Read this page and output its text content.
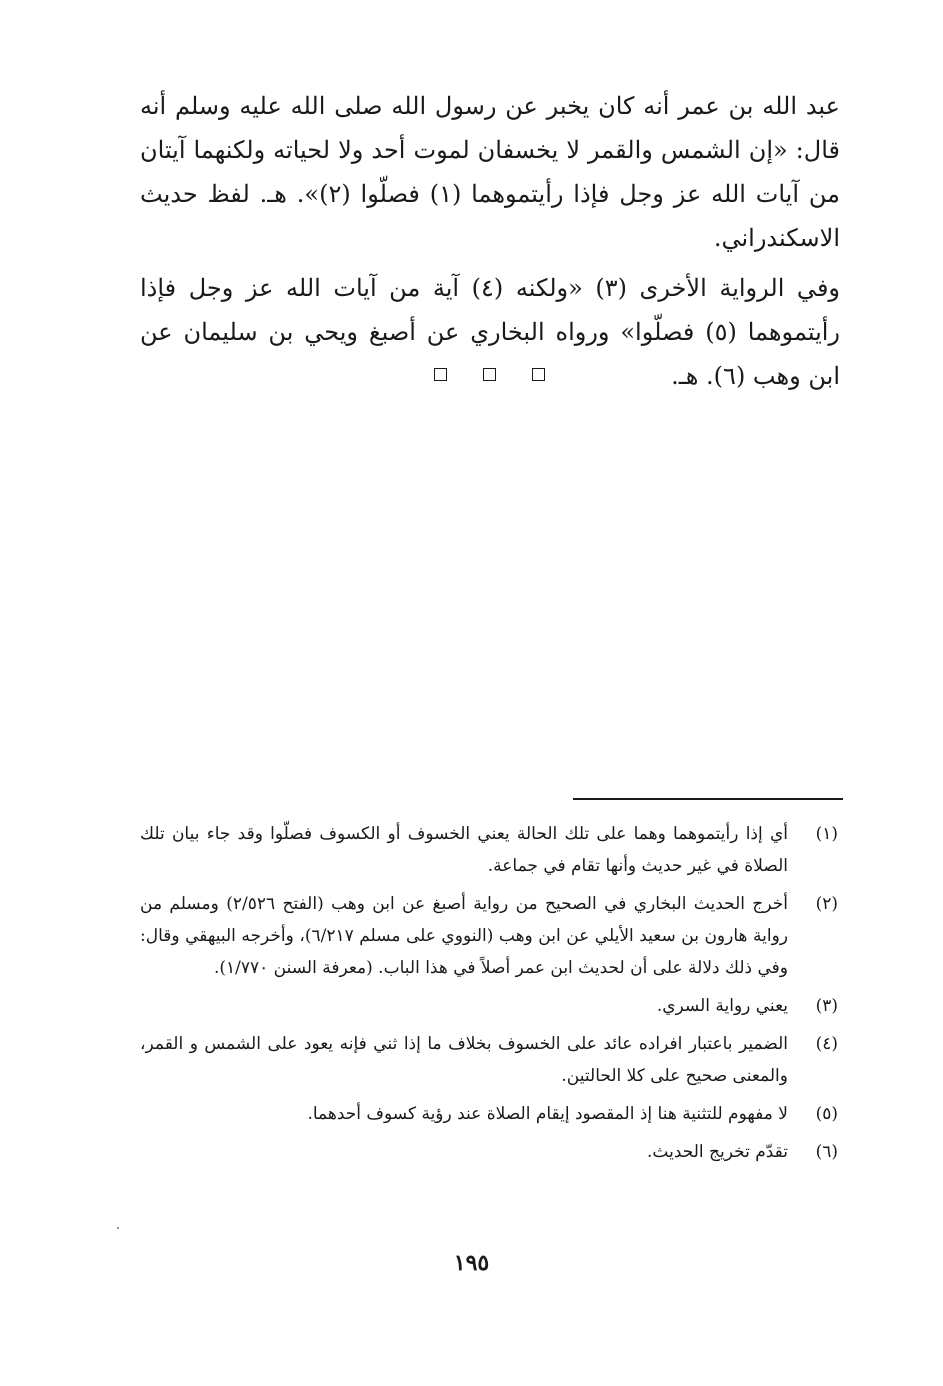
عبد الله بن عمر أنه كان يخبر عن رسول الله صلى الله عليه وسلم أنه قال: «إن الشمس والقمر لا يخسفان لموت أحد ولا لحياته ولكنهما آيتان من آيات الله عز وجل فإذا رأيتموهما (١) فصلّوا (٢)». هـ. لفظ حديث الاسكندراني.

وفي الرواية الأخرى (٣) «ولكنه (٤) آية من آيات الله عز وجل فإذا رأيتموهما (٥) فصلّوا» ورواه البخاري عن أصبغ ويحي بن سليمان عن ابن وهب (٦). هـ.

(١)
أي إذا رأيتموهما وهما على تلك الحالة يعني الخسوف أو الكسوف فصلّوا وقد جاء بيان تلك الصلاة في غير حديث وأنها تقام في جماعة.
(٢)
أخرج الحديث البخاري في الصحيح من رواية أصبغ عن ابن وهب (الفتح ٢/٥٢٦) ومسلم من رواية هارون بن سعيد الأيلي عن ابن وهب (النووي على مسلم ٦/٢١٧)، وأخرجه البيهقي وقال: وفي ذلك دلالة على أن لحديث ابن عمر أصلاً في هذا الباب. (معرفة السنن ١/٧٧٠).
(٣)
يعني رواية السري.
(٤)
الضمير باعتبار افراده عائد على الخسوف بخلاف ما إذا ثني فإنه يعود على الشمس و القمر، والمعنى صحيح على كلا الحالتين.
(٥)
لا مفهوم للتثنية هنا إذ المقصود إيقام الصلاة عند رؤية كسوف أحدهما.
(٦)
تقدّم تخريج الحديث.
١٩٥
